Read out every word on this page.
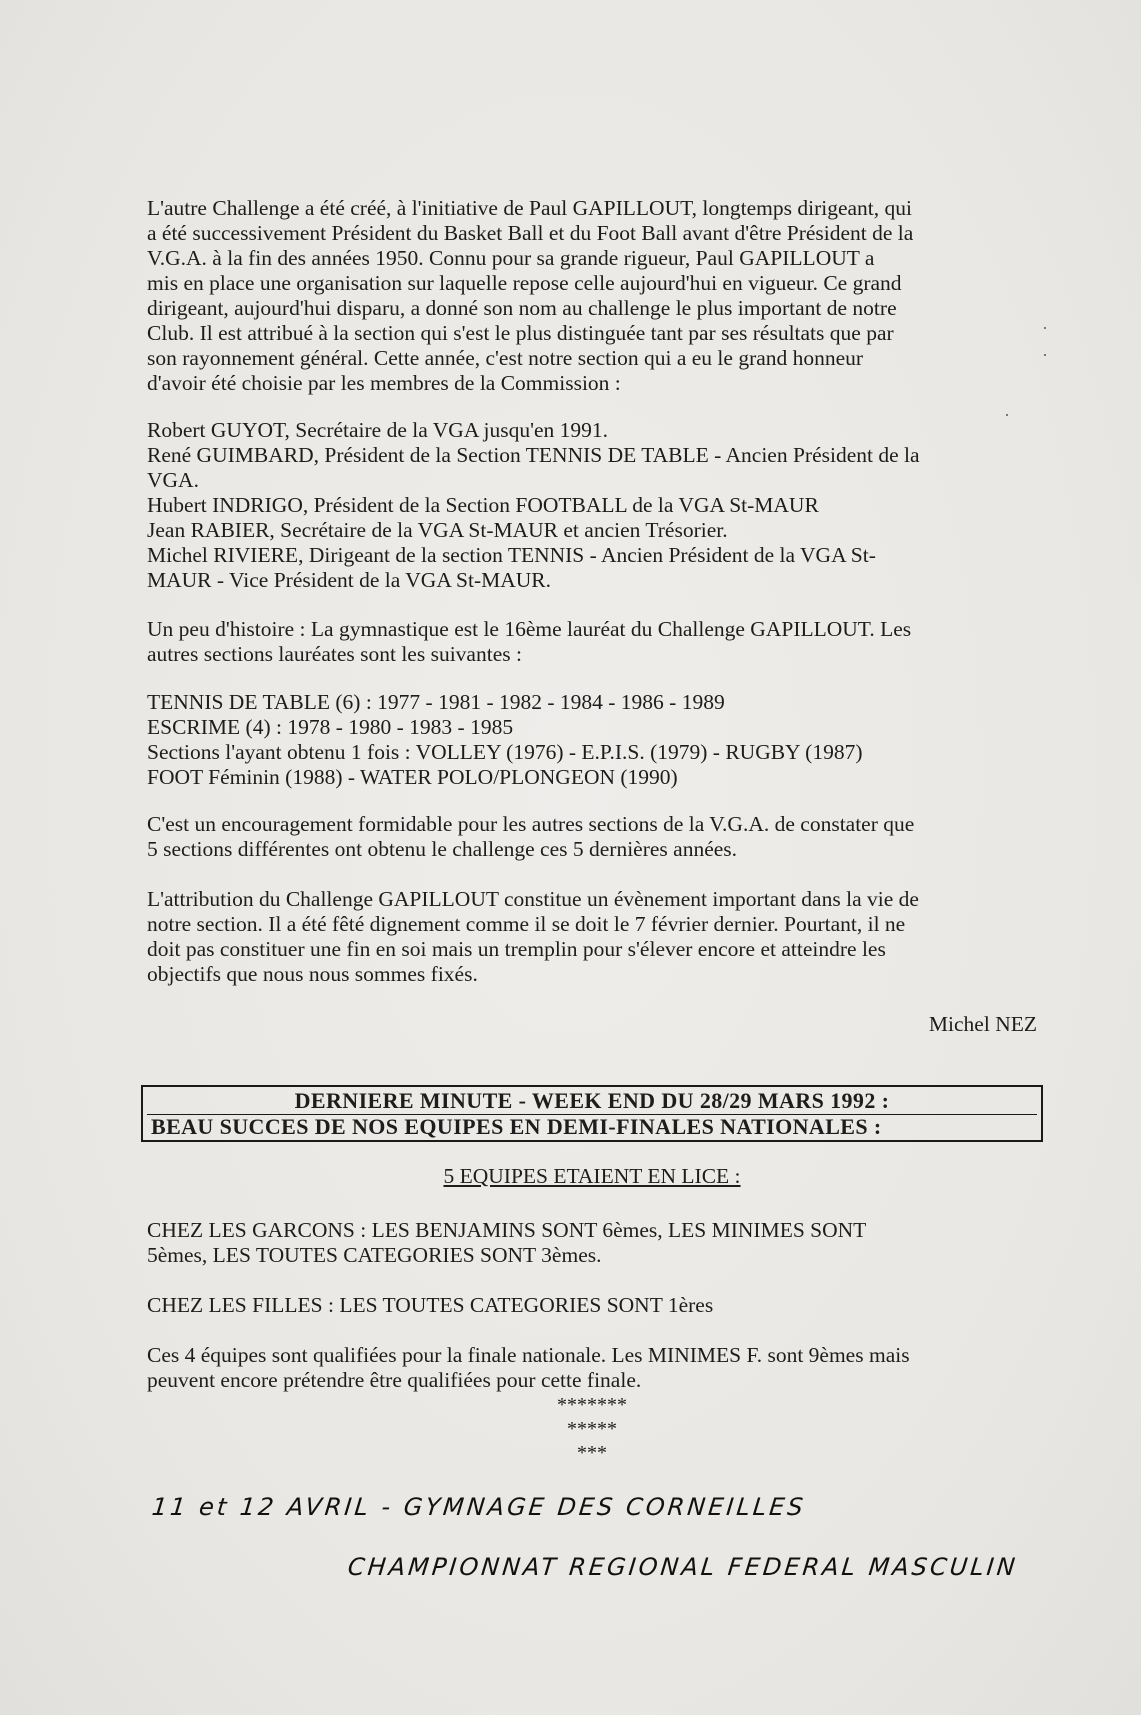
L'autre Challenge a été créé, à l'initiative de Paul GAPILLOUT, longtemps dirigeant, qui
a été successivement Président du Basket Ball et du Foot Ball avant d'être Président de la
V.G.A. à la fin des années 1950. Connu pour sa grande rigueur, Paul GAPILLOUT a
mis en place une organisation sur laquelle repose celle aujourd'hui en vigueur. Ce grand
dirigeant, aujourd'hui disparu, a donné son nom au challenge le plus important de notre
Club. Il est attribué à la section qui s'est le plus distinguée tant par ses résultats que par
son rayonnement général. Cette année, c'est notre section qui a eu le grand honneur
d'avoir été choisie par les membres de la Commission :
Robert GUYOT, Secrétaire de la VGA jusqu'en 1991.
René GUIMBARD, Président de la Section TENNIS DE TABLE - Ancien Président de la
VGA.
Hubert INDRIGO, Président de la Section FOOTBALL de la VGA St-MAUR
Jean RABIER, Secrétaire de la VGA St-MAUR et ancien Trésorier.
Michel RIVIERE, Dirigeant de la section TENNIS - Ancien Président de la VGA St-
MAUR - Vice Président de la VGA St-MAUR.
Un peu d'histoire : La gymnastique est le 16ème lauréat du Challenge GAPILLOUT. Les
autres sections lauréates sont les suivantes :
TENNIS DE TABLE (6) : 1977 - 1981 - 1982 - 1984 - 1986 - 1989
ESCRIME (4) : 1978 - 1980 - 1983 - 1985
Sections l'ayant obtenu 1 fois : VOLLEY (1976) - E.P.I.S. (1979) - RUGBY (1987)
FOOT Féminin (1988) - WATER POLO/PLONGEON (1990)
C'est un encouragement formidable pour les autres sections de la V.G.A. de constater que
5 sections différentes ont obtenu le challenge ces 5 dernières années.
L'attribution du Challenge GAPILLOUT constitue un évènement important dans la vie de
notre section. Il a été fêté dignement comme il se doit le 7 février dernier. Pourtant, il ne
doit pas constituer une fin en soi mais un tremplin pour s'élever encore et atteindre les
objectifs que nous nous sommes fixés.
Michel NEZ
DERNIERE MINUTE - WEEK END DU 28/29 MARS 1992 :
BEAU SUCCES DE NOS EQUIPES EN DEMI-FINALES NATIONALES :
5 EQUIPES ETAIENT EN LICE :
CHEZ LES GARCONS : LES BENJAMINS SONT 6èmes, LES MINIMES SONT
5èmes, LES TOUTES CATEGORIES SONT 3èmes.
CHEZ LES FILLES : LES TOUTES CATEGORIES SONT 1ères
Ces 4 équipes sont qualifiées pour la finale nationale. Les MINIMES F. sont 9èmes mais
peuvent encore prétendre être qualifiées pour cette finale.
*******
*****
***
11 et 12 AVRIL - GYMNAGE DES CORNEILLES
CHAMPIONNAT REGIONAL FEDERAL MASCULIN
·
·
·
